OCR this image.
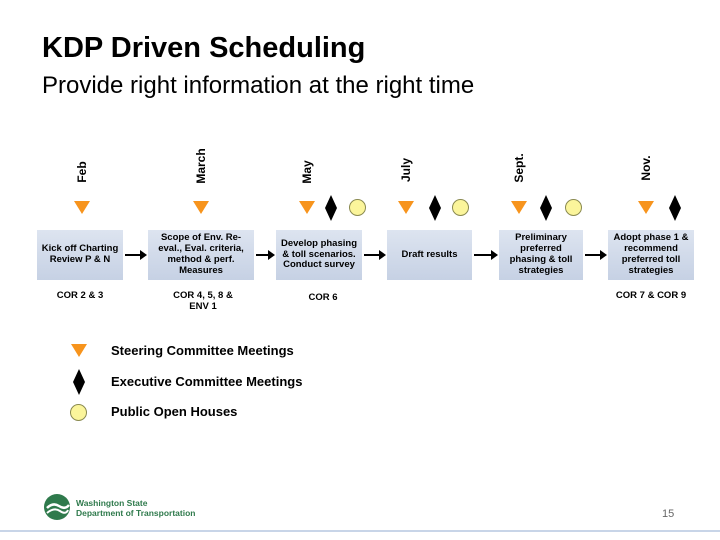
KDP Driven Scheduling
Provide right information at the right time
Feb	March	May	July	Sept.	Nov.
Kick off Charting Review P & N
Scope of Env. Re-eval., Eval. criteria, method & perf. Measures
Develop phasing & toll scenarios. Conduct survey
Draft results
Preliminary preferred phasing & toll strategies
Adopt phase 1 & recommend preferred toll strategies
COR 2 & 3	COR 4, 5, 8 & ENV 1
COR 6	COR 7 & COR 9
Steering Committee Meetings
Executive Committee Meetings
Public Open Houses
Washington State
Department of Transportation	15
